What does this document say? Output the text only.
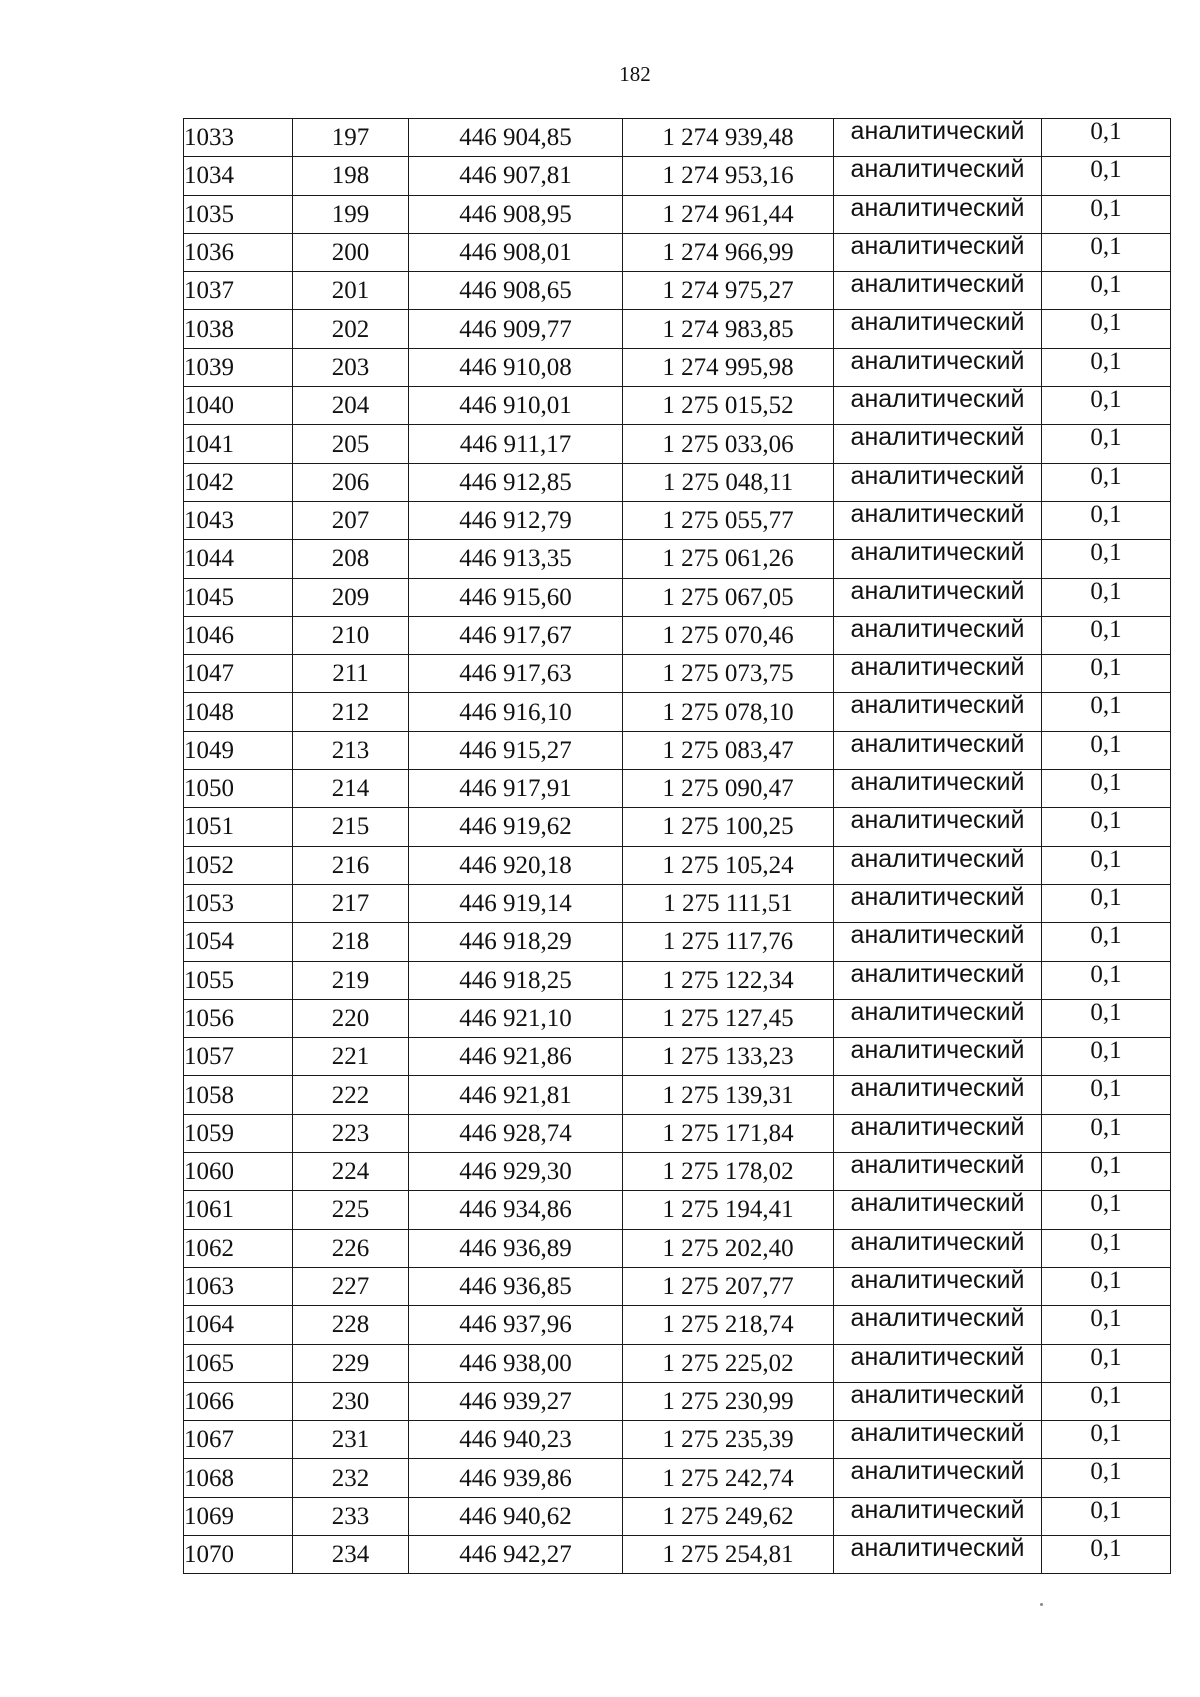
182
1033	197	446 904,85	1 274 939,48	аналитический	0,1
1034	198	446 907,81	1 274 953,16	аналитический	0,1
1035	199	446 908,95	1 274 961,44	аналитический	0,1
1036	200	446 908,01	1 274 966,99	аналитический	0,1
1037	201	446 908,65	1 274 975,27	аналитический	0,1
1038	202	446 909,77	1 274 983,85	аналитический	0,1
1039	203	446 910,08	1 274 995,98	аналитический	0,1
1040	204	446 910,01	1 275 015,52	аналитический	0,1
1041	205	446 911,17	1 275 033,06	аналитический	0,1
1042	206	446 912,85	1 275 048,11	аналитический	0,1
1043	207	446 912,79	1 275 055,77	аналитический	0,1
1044	208	446 913,35	1 275 061,26	аналитический	0,1
1045	209	446 915,60	1 275 067,05	аналитический	0,1
1046	210	446 917,67	1 275 070,46	аналитический	0,1
1047	211	446 917,63	1 275 073,75	аналитический	0,1
1048	212	446 916,10	1 275 078,10	аналитический	0,1
1049	213	446 915,27	1 275 083,47	аналитический	0,1
1050	214	446 917,91	1 275 090,47	аналитический	0,1
1051	215	446 919,62	1 275 100,25	аналитический	0,1
1052	216	446 920,18	1 275 105,24	аналитический	0,1
1053	217	446 919,14	1 275 111,51	аналитический	0,1
1054	218	446 918,29	1 275 117,76	аналитический	0,1
1055	219	446 918,25	1 275 122,34	аналитический	0,1
1056	220	446 921,10	1 275 127,45	аналитический	0,1
1057	221	446 921,86	1 275 133,23	аналитический	0,1
1058	222	446 921,81	1 275 139,31	аналитический	0,1
1059	223	446 928,74	1 275 171,84	аналитический	0,1
1060	224	446 929,30	1 275 178,02	аналитический	0,1
1061	225	446 934,86	1 275 194,41	аналитический	0,1
1062	226	446 936,89	1 275 202,40	аналитический	0,1
1063	227	446 936,85	1 275 207,77	аналитический	0,1
1064	228	446 937,96	1 275 218,74	аналитический	0,1
1065	229	446 938,00	1 275 225,02	аналитический	0,1
1066	230	446 939,27	1 275 230,99	аналитический	0,1
1067	231	446 940,23	1 275 235,39	аналитический	0,1
1068	232	446 939,86	1 275 242,74	аналитический	0,1
1069	233	446 940,62	1 275 249,62	аналитический	0,1
1070	234	446 942,27	1 275 254,81	аналитический	0,1
